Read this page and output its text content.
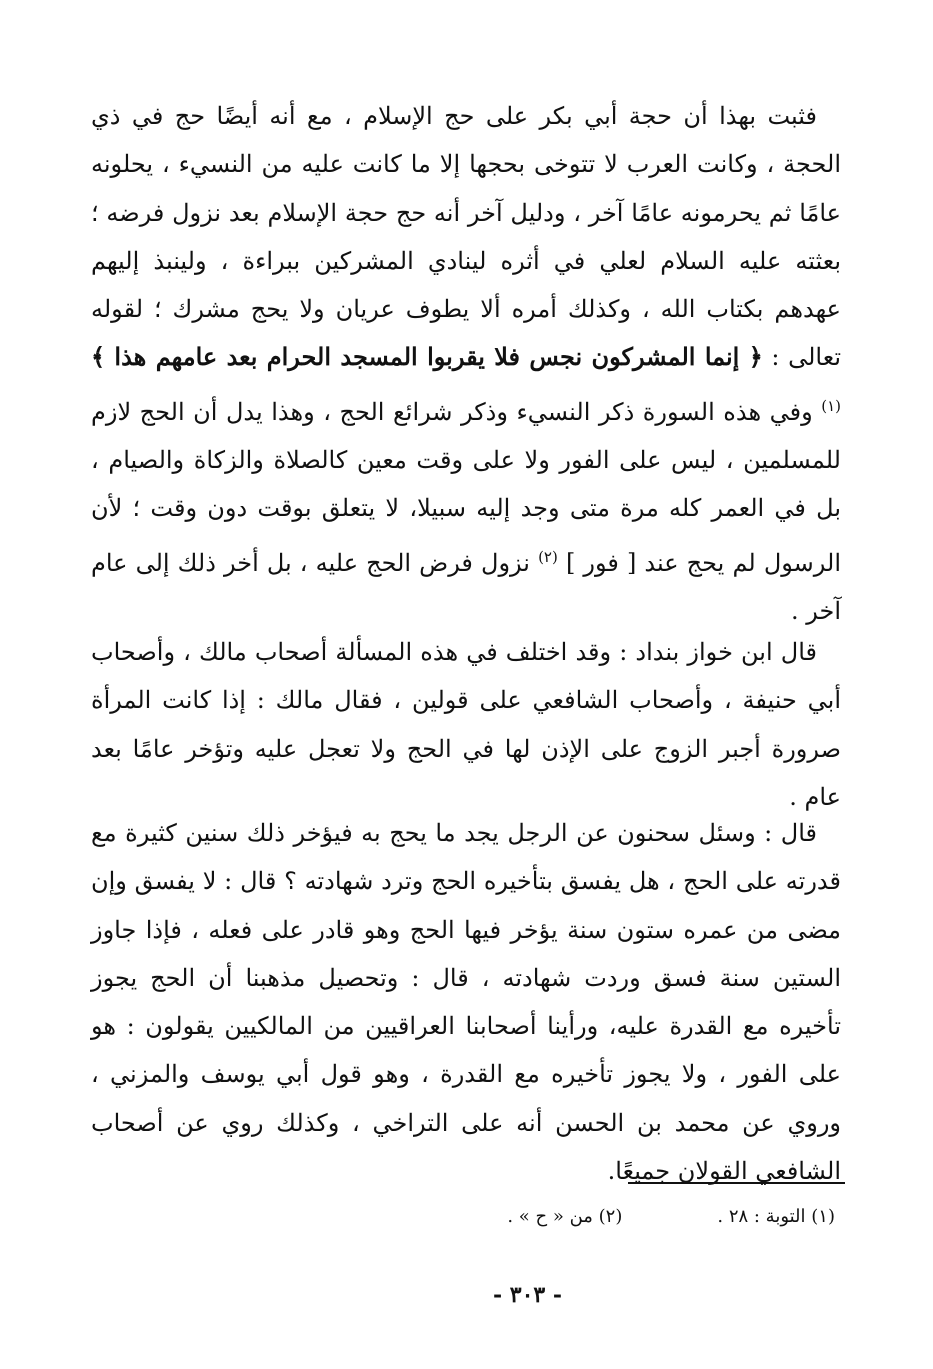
فثبت بهذا أن حجة أبي بكر على حج الإسلام ، مع أنه أيضًا حج في ذي الحجة ، وكانت العرب لا تتوخى بحجها إلا ما كانت عليه من النسيء ، يحلونه عامًا ثم يحرمونه عامًا آخر ، ودليل آخر أنه حج حجة الإسلام بعد نزول فرضه ؛ بعثته عليه السلام لعلي في أثره لينادي المشركين ببراءة ، ولينبذ إليهم عهدهم بكتاب الله ، وكذلك أمره ألا يطوف عريان ولا يحج مشرك ؛ لقوله تعالى : ﴿ إنما المشركون نجس فلا يقربوا المسجد الحرام بعد عامهم هذا ﴾$^{(١)}$ وفي هذه السورة ذكر النسيء وذكر شرائع الحج ، وهذا يدل أن الحج لازم للمسلمين ، ليس على الفور ولا على وقت معين كالصلاة والزكاة والصيام ، بل في العمر كله مرة متى وجد إليه سبيلا، لا يتعلق بوقت دون وقت ؛ لأن الرسول لم يحج عند [ فور ] $^{(٢)}$ نزول فرض الحج عليه ، بل أخر ذلك إلى عام آخر .

قال ابن خواز بنداد : وقد اختلف في هذه المسألة أصحاب مالك ، وأصحاب أبي حنيفة ، وأصحاب الشافعي على قولين ، فقال مالك : إذا كانت المرأة صرورة أجبر الزوج على الإذن لها في الحج ولا تعجل عليه وتؤخر عامًا بعد عام .

قال : وسئل سحنون عن الرجل يجد ما يحج به فيؤخر ذلك سنين كثيرة مع قدرته على الحج ، هل يفسق بتأخيره الحج وترد شهادته ؟ قال : لا يفسق وإن مضى من عمره ستون سنة يؤخر فيها الحج وهو قادر على فعله ، فإذا جاوز الستين سنة فسق وردت شهادته ، قال : وتحصيل مذهبنا أن الحج يجوز تأخيره مع القدرة عليه، ورأينا أصحابنا العراقيين من المالكيين يقولون : هو على الفور ، ولا يجوز تأخيره مع القدرة ، وهو قول أبي يوسف والمزني ، وروي عن محمد بن الحسن أنه على التراخي ، وكذلك روي عن أصحاب الشافعي القولان جميعًا.

(١) التوبة : ٢٨ .(٢) من « ح » .
- ٣٠٣ -
